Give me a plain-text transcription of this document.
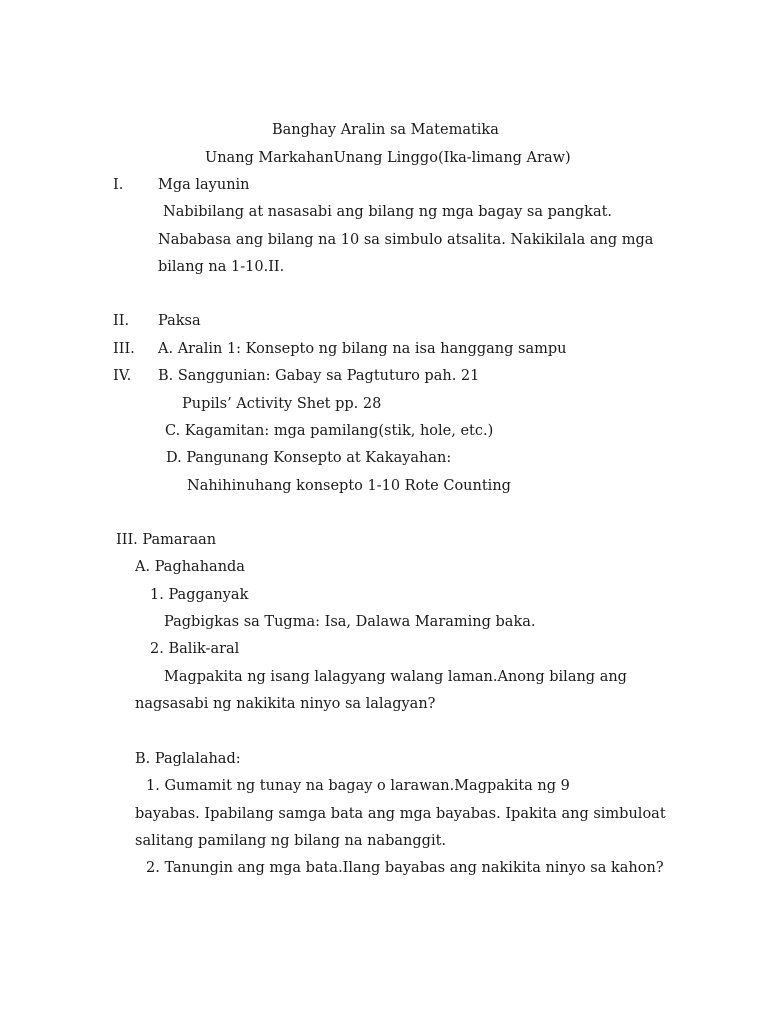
Banghay Aralin sa Matematika
Unang MarkahanUnang Linggo(Ika-limang Araw)
I. Mga layunin
Nabibilang at nasasabi ang bilang ng mga bagay sa pangkat.
Nababasa ang bilang na 10 sa simbulo atsalita. Nakikilala ang mga
bilang na 1-10.II.
II. Paksa
III. A. Aralin 1: Konsepto ng bilang na isa hanggang sampu
IV. B. Sanggunian: Gabay sa Pagtuturo pah. 21
Pupils’ Activity Shet pp. 28
C. Kagamitan: mga pamilang(stik, hole, etc.)
D. Pangunang Konsepto at Kakayahan:
Nahihinuhang konsepto 1-10 Rote Counting
III. Pamaraan
A. Paghahanda
1. Pagganyak
Pagbigkas sa Tugma: Isa, Dalawa Maraming baka.
2. Balik-aral
Magpakita ng isang lalagyang walang laman.Anong bilang ang
nagsasabi ng nakikita ninyo sa lalagyan?
B. Paglalahad:
1. Gumamit ng tunay na bagay o larawan.Magpakita ng 9
bayabas. Ipabilang samga bata ang mga bayabas. Ipakita ang simbuloat
salitang pamilang ng bilang na nabanggit.
2. Tanungin ang mga bata.Ilang bayabas ang nakikita ninyo sa kahon?
